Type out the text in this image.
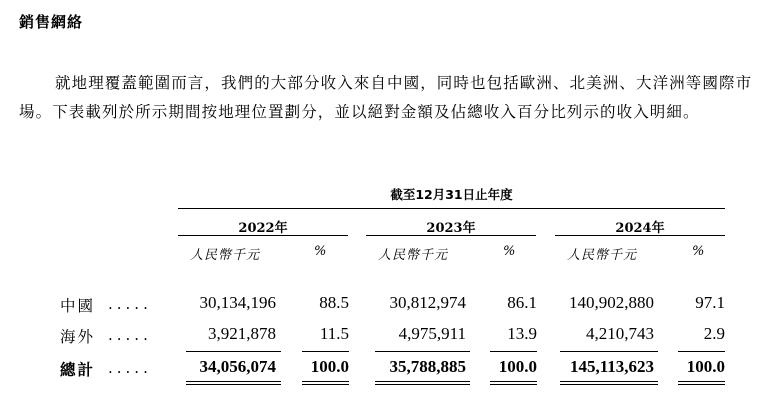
銷售網絡
就地理覆蓋範圍而言，我們的大部分收入來自中國，同時也包括歐洲、北美洲、大洋洲等國際市場。下表載列於所示期間按地理位置劃分，並以絕對金額及佔總收入百分比列示的收入明細。
截至12月31日止年度
2022年	2023年	2024年
人民幣千元	%	人民幣千元	%	人民幣千元	%
中國 .....	30,134,196	88.5 30,812,974 86.1 140,902,880 97.1
海外 .....	3,921,878	11.5	4,975,911 13.9	4,210,743	2.9
總計 .....	34,056,074 100.0 35,788,885 100.0 145,113,623 100.0
